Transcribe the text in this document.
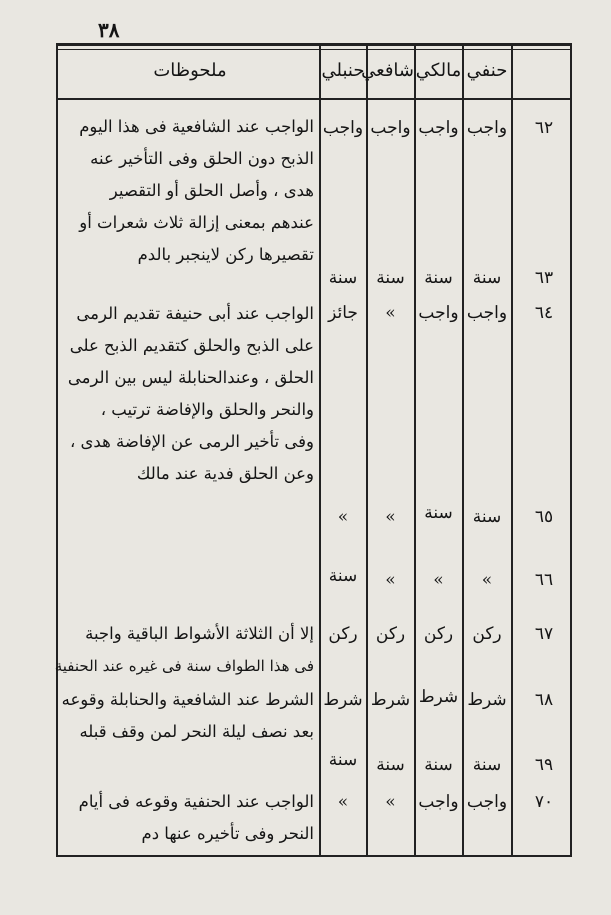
٣٨
ملحوظات	حنبلي
شافعي مالكي حنفي
٦٢
واجب
واجب
واجب
واجب
الواجب عند الشافعية فى هذا اليوم
الذبح دون الحلق وفى التأخير عنه
هدى ، وأصل الحلق أو التقصير
عندهم بمعنى إزالة ثلاث شعرات أو
تقصيرها ركن لاينجبر بالدم
٦٣
سنة
سنة
سنة
سنة
٦٤
واجب
واجب
»
جائز
الواجب عند أبى حنيفة تقديم الرمى
على الذبح والحلق كتقديم الذبح على
الحلق ، وعندالحنابلة ليس بين الرمى
والنحر والحلق والإفاضة ترتيب ،
وفى تأخير الرمى عن الإفاضة هدى ،
وعن الحلق فدية عند مالك
٦٥
سنة
سنة
»
»
٦٦
»
»
»
سنة
٦٧
ركن
ركن
ركن
ركن
إلا أن الثلاثة الأشواط الباقية واجبة
فى هذا الطواف سنة فى غيره عند الحنفية
٦٨
شرط
شرط
شرط
شرط
الشرط عند الشافعية والحنابلة وقوعه
بعد نصف ليلة النحر لمن وقف قبله
٦٩
سنة
سنة
سنة
سنة
٧٠
واجب
واجب
»
»
الواجب عند الحنفية وقوعه فى أيام
النحر وفى تأخيره عنها دم
